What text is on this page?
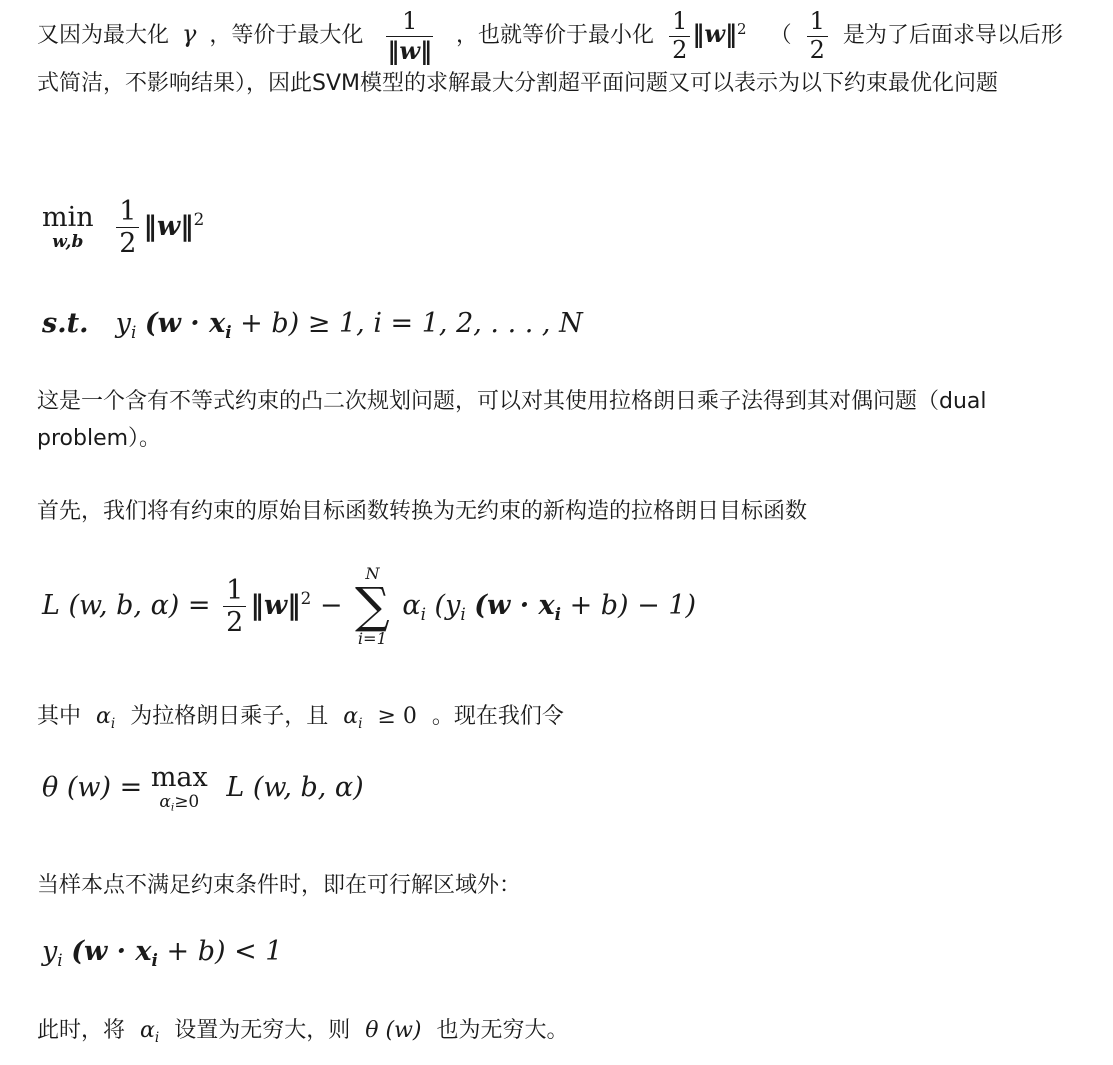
又因为最大化 γ ，等价于最大化 $\frac{1}{‖w‖}$ ，也就等价于最小化 $\frac{1}{2}$ ‖w‖$^2$ （ $\frac{1}{2}$ 是为了后面求导以后形式简洁，不影响结果），因此SVM模型的求解最大分割超平面问题又可以表示为以下约束最优化问题
min
w,b
$\frac{1}{2}$ ‖w‖$^2$
s.t. $y_i$ $(w \cdot x_i + b) \ge 1$, i = 1, 2, . . . , N

这是一个含有不等式约束的凸二次规划问题，可以对其使用拉格朗日乘子法得到其对偶问题（dual problem）。

首先，我们将有约束的原始目标函数转换为无约束的新构造的拉格朗日目标函数

L (w, b, $\alpha) = \frac{1}{2}$ ‖w‖$^2$ −
N
∑
i=1
$\alpha_i$ ($y_i$ $(w \cdot x_i + b) - 1$)

其中 $\alpha_i$ 为拉格朗日乘子，且 $\alpha_i \ge 0$ 。现在我们令

θ (w) = max
$\alpha_i\ge 0$ L (w, b, α)

当样本点不满足约束条件时，即在可行解区域外：

$y_i$ $(w \cdot x_i + b) < 1$

此时，将 $\alpha_i$ 设置为无穷大，则 θ (w) 也为无穷大。
